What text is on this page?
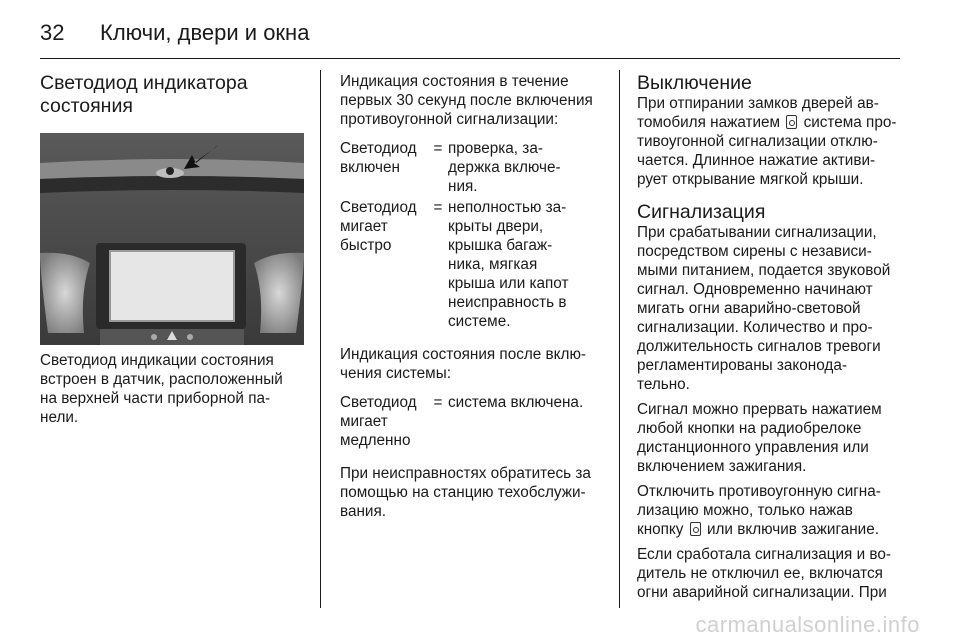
32	Ключи, двери и окна
Светодиод индикатора
состояния

Светодиод индикации состояния
встроен в датчик, расположенный
на верхней части приборной па-
нели.

Индикация состояния в течение
первых 30 секунд после включения
противоугонной сигнализации:

Светодиод
включен
= проверка, за-
держка включе-
ния.
Светодиод
мигает быстро
= неполностью за-
крыты двери,
крышка багаж-
ника, мягкая
крыша или капот
неисправность в
системе.

Индикация состояния после вклю-
чения системы:

Светодиод
мигает
медленно
= система включена.

При неисправностях обратитесь за
помощью на станцию техобслужи-
вания.

Выключение

При отпирании замков дверей ав-
томобиля нажатием  система про-
тивоугонной сигнализации отклю-
чается. Длинное нажатие активи-
рует открывание мягкой крыши.

Сигнализация

При срабатывании сигнализации,
посредством сирены с независи-
мыми питанием, подается звуковой
сигнал. Одновременно начинают
мигать огни аварийно-световой
сигнализации. Количество и про-
должительность сигналов тревоги
регламентированы законода-
тельно.

Сигнал можно прервать нажатием
любой кнопки на радиобрелоке
дистанционного управления или
включением зажигания.

Отключить противоугонную сигна-
лизацию можно, только нажав
кнопку  или включив зажигание.

Если сработала сигнализация и во-
дитель не отключил ее, включатся
огни аварийной сигнализации. При

carmanualsonline.info
